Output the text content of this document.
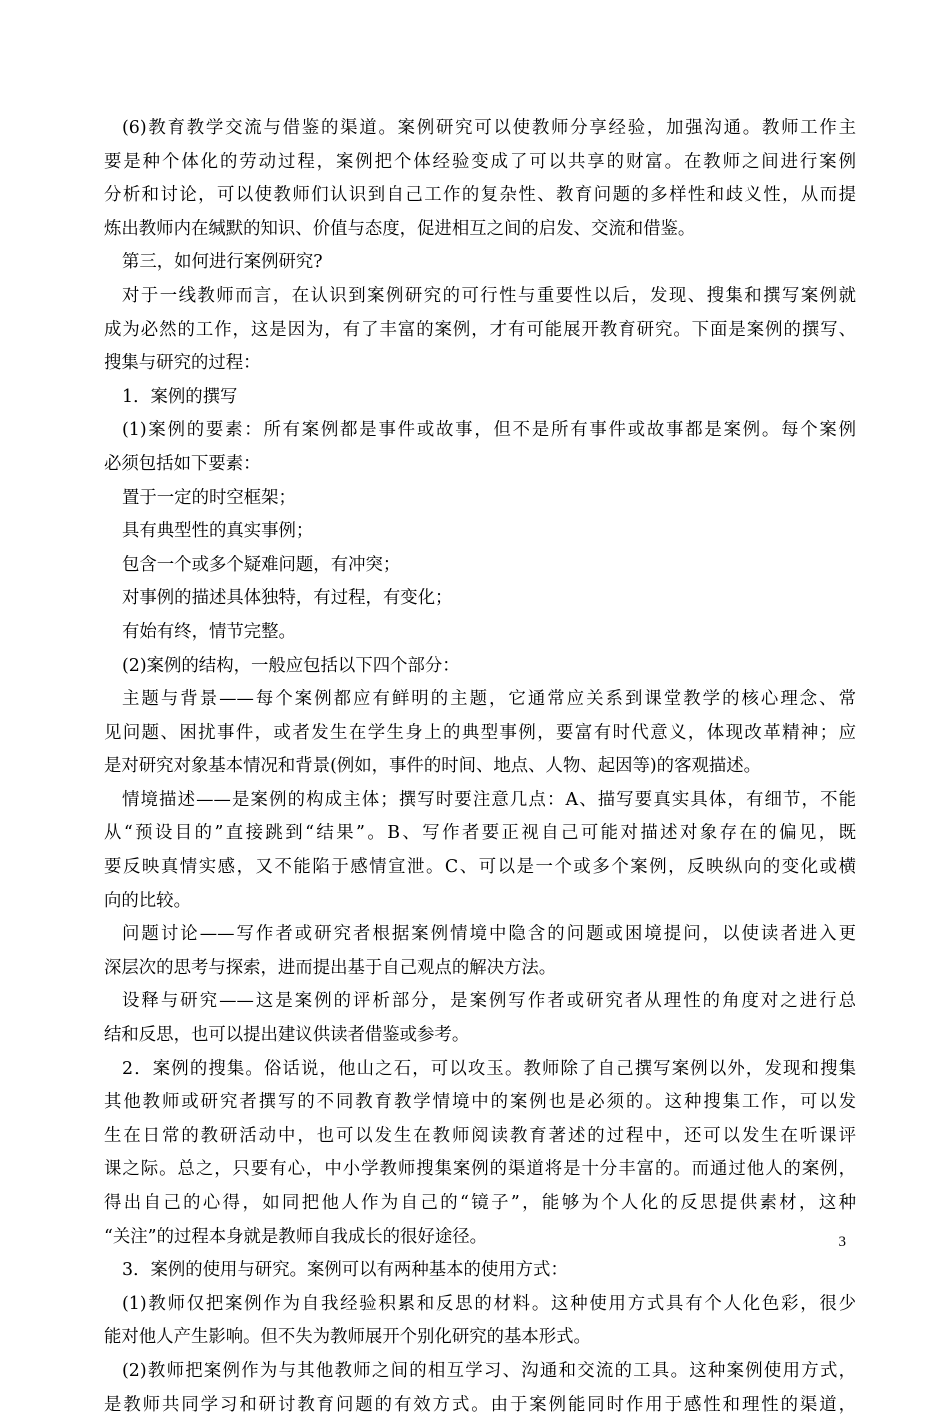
(6)教育教学交流与借鉴的渠道。案例研究可以使教师分享经验，加强沟通。教师工作主
要是种个体化的劳动过程，案例把个体经验变成了可以共享的财富。在教师之间进行案例
分析和讨论，可以使教师们认识到自己工作的复杂性、教育问题的多样性和歧义性，从而提
炼出教师内在缄默的知识、价值与态度，促进相互之间的启发、交流和借鉴。
第三，如何进行案例研究?
对于一线教师而言，在认识到案例研究的可行性与重要性以后，发现、搜集和撰写案例就
成为必然的工作，这是因为，有了丰富的案例，才有可能展开教育研究。下面是案例的撰写、
搜集与研究的过程：
1．案例的撰写
(1)案例的要素：所有案例都是事件或故事，但不是所有事件或故事都是案例。每个案例
必须包括如下要素：
置于一定的时空框架；
具有典型性的真实事例；
包含一个或多个疑难问题，有冲突；
对事例的描述具体独特，有过程，有变化；
有始有终，情节完整。
(2)案例的结构，一般应包括以下四个部分：
主题与背景——每个案例都应有鲜明的主题，它通常应关系到课堂教学的核心理念、常
见问题、困扰事件，或者发生在学生身上的典型事例，要富有时代意义，体现改革精神；应
是对研究对象基本情况和背景(例如，事件的时间、地点、人物、起因等)的客观描述。
情境描述——是案例的构成主体；撰写时要注意几点：A、描写要真实具体，有细节，不能
从“预设目的”直接跳到“结果”。B、写作者要正视自己可能对描述对象存在的偏见，既
要反映真情实感，又不能陷于感情宣泄。C、可以是一个或多个案例，反映纵向的变化或横
向的比较。
问题讨论——写作者或研究者根据案例情境中隐含的问题或困境提问，以使读者进入更
深层次的思考与探索，进而提出基于自己观点的解决方法。
设释与研究——这是案例的评析部分，是案例写作者或研究者从理性的角度对之进行总
结和反思，也可以提出建议供读者借鉴或参考。
2．案例的搜集。俗话说，他山之石，可以攻玉。教师除了自己撰写案例以外，发现和搜集
其他教师或研究者撰写的不同教育教学情境中的案例也是必须的。这种搜集工作，可以发
生在日常的教研活动中，也可以发生在教师阅读教育著述的过程中，还可以发生在听课评
课之际。总之，只要有心，中小学教师搜集案例的渠道将是十分丰富的。而通过他人的案例，
得出自己的心得，如同把他人作为自己的“镜子”，能够为个人化的反思提供素材，这种
“关注”的过程本身就是教师自我成长的很好途径。
3．案例的使用与研究。案例可以有两种基本的使用方式：
(1)教师仅把案例作为自我经验积累和反思的材料。这种使用方式具有个人化色彩，很少
能对他人产生影响。但不失为教师展开个别化研究的基本形式。
(2)教师把案例作为与其他教师之间的相互学习、沟通和交流的工具。这种案例使用方式，
是教师共同学习和研讨教育问题的有效方式。由于案例能同时作用于感性和理性的渠道，
3
